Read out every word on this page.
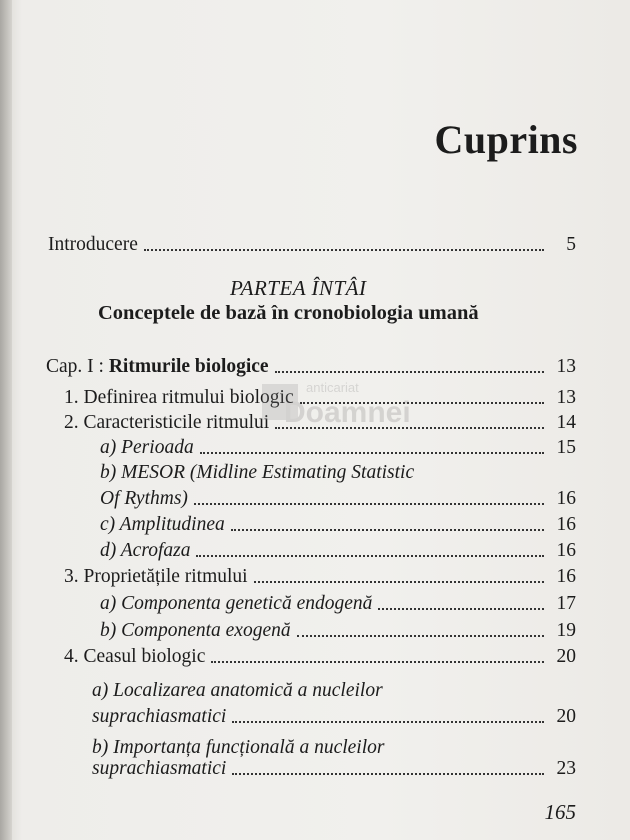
Cuprins
Introducere	5
PARTEA ÎNTÂI
Conceptele de bază în cronobiologia umană
Cap. I : Ritmurile biologice	13
1. Definirea ritmului biologic	13
2. Caracteristicile ritmului	14
a) Perioada	15
b) MESOR (Midline Estimating Statistic
Of Rythms)	16
c) Amplitudinea	16
d) Acrofaza	16
3. Proprietățile ritmului	16
a) Componenta genetică endogenă	17
b) Componenta exogenă	19
4. Ceasul biologic	20
a) Localizarea anatomică a nucleilor
suprachiasmatici	20
b) Importanța funcțională a nucleilor
suprachiasmatici	23
anticariat
Doamnei
165
